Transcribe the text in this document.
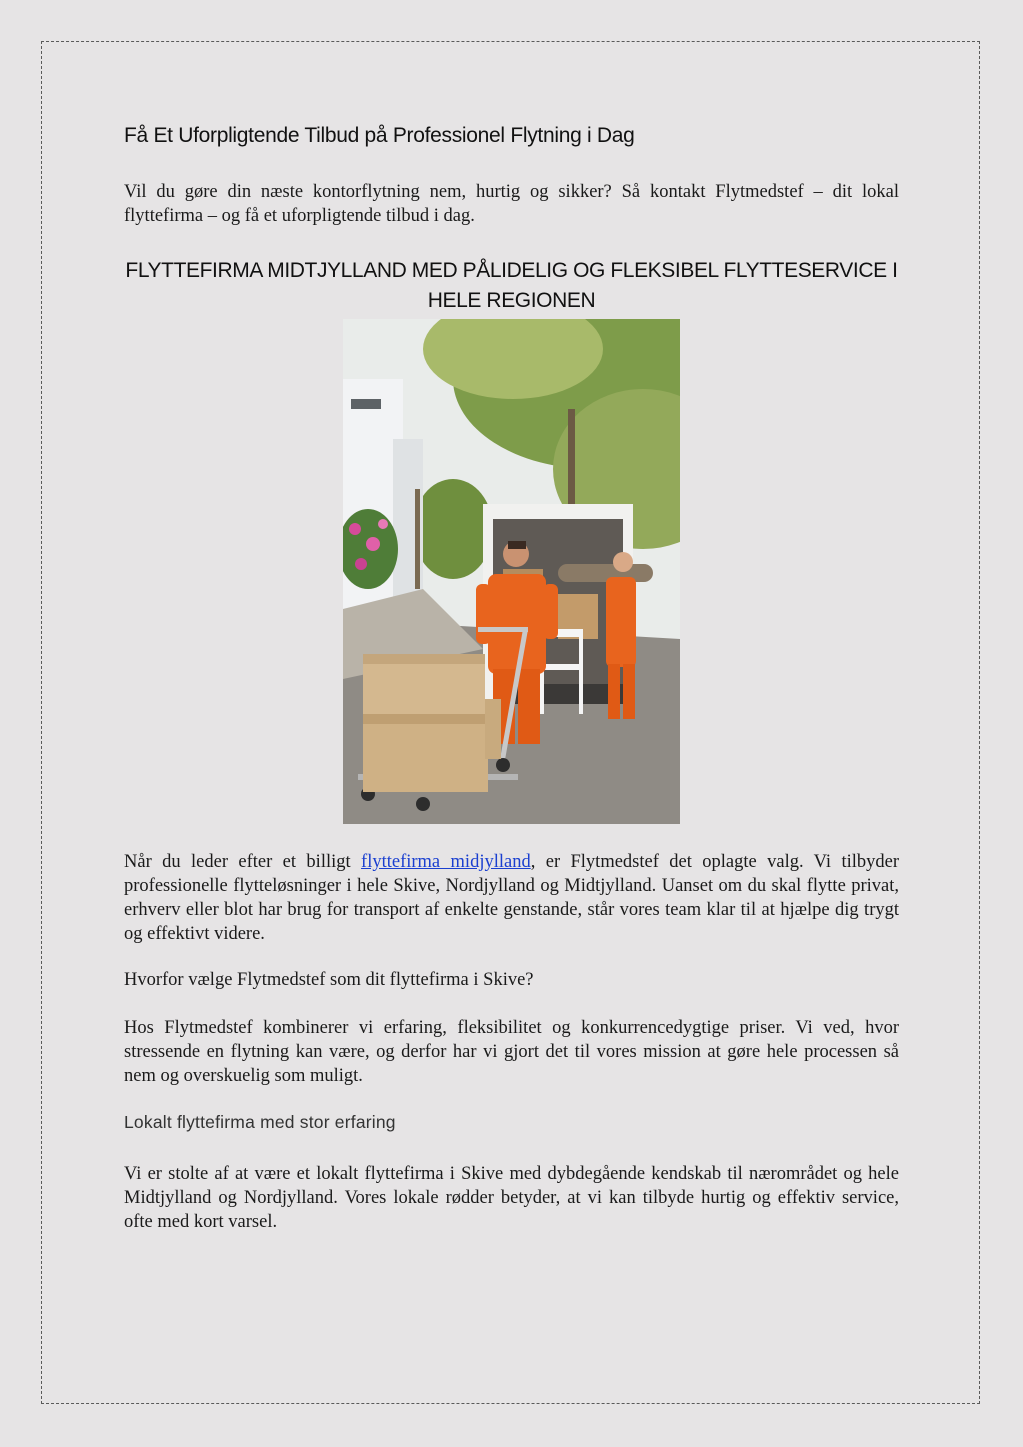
Få Et Uforpligtende Tilbud på Professionel Flytning i Dag

Vil du gøre din næste kontorflytning nem, hurtig og sikker? Så kontakt Flytmedstef – dit lokal flyttefirma – og få et uforpligtende tilbud i dag.

FLYTTEFIRMA MIDTJYLLAND MED PÅLIDELIG OG FLEKSIBEL FLYTTESERVICE I HELE REGIONEN

Når du leder efter et billigt flyttefirma midjylland, er Flytmedstef det oplagte valg. Vi tilbyder professionelle flytteløsninger i hele Skive, Nordjylland og Midtjylland. Uanset om du skal flytte privat, erhverv eller blot har brug for transport af enkelte genstande, står vores team klar til at hjælpe dig trygt og effektivt videre.

Hvorfor vælge Flytmedstef som dit flyttefirma i Skive?

Hos Flytmedstef kombinerer vi erfaring, fleksibilitet og konkurrencedygtige priser. Vi ved, hvor stressende en flytning kan være, og derfor har vi gjort det til vores mission at gøre hele processen så nem og overskuelig som muligt.

Lokalt flyttefirma med stor erfaring

Vi er stolte af at være et lokalt flyttefirma i Skive med dybdegående kendskab til nærområdet og hele Midtjylland og Nordjylland. Vores lokale rødder betyder, at vi kan tilbyde hurtig og effektiv service, ofte med kort varsel.
